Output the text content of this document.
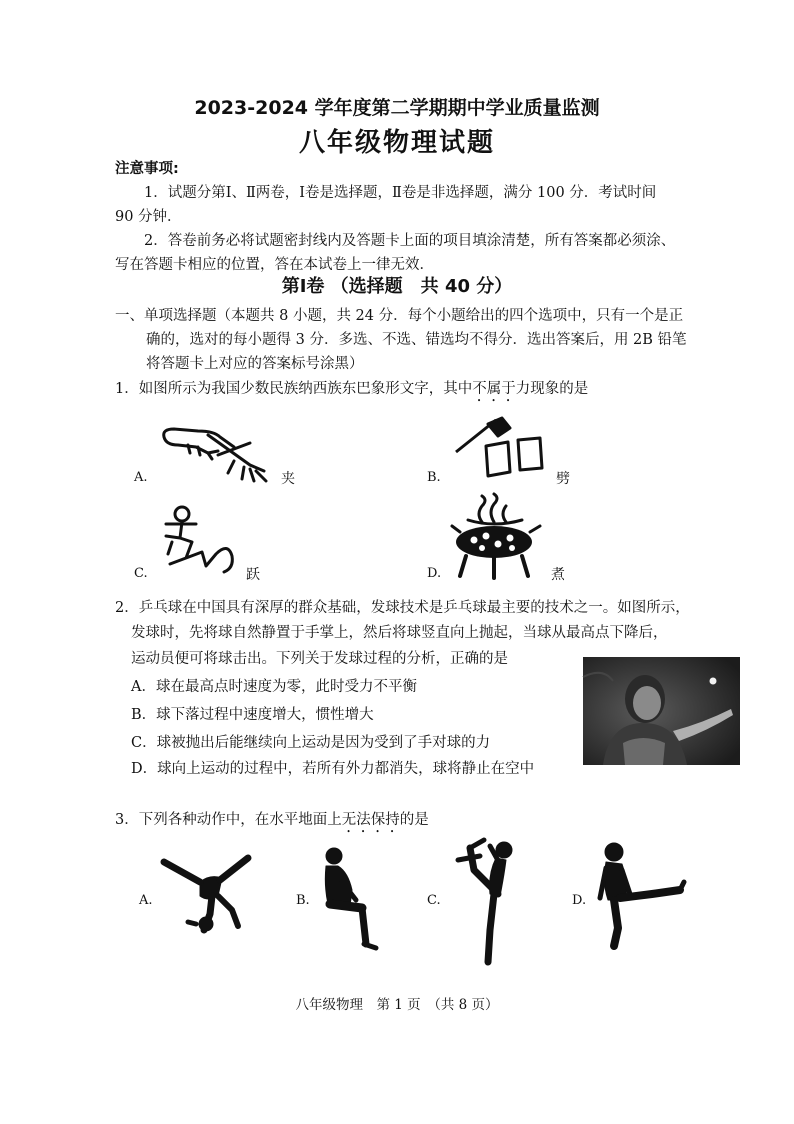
2023-2024 学年度第二学期期中学业质量监测
八年级物理试题
注意事项:
1．试题分第Ⅰ、Ⅱ两卷，Ⅰ卷是选择题，Ⅱ卷是非选择题，满分 100 分．考试时间
90 分钟．
2．答卷前务必将试题密封线内及答题卡上面的项目填涂清楚，所有答案都必须涂、
写在答题卡相应的位置，答在本试卷上一律无效．
第Ⅰ卷 （选择题　共 40 分）
一、单项选择题（本题共 8 小题，共 24 分．每个小题给出的四个选项中，只有一个是正
确的，选对的每小题得 3 分．多选、不选、错选均不得分．选出答案后，用 2B 铅笔
将答题卡上对应的答案标号涂黑）
1．如图所示为我国少数民族纳西族东巴象形文字，其中不属于力现象的是
A.	夹	B.	劈
C.	跃	D.	煮
2．乒乓球在中国具有深厚的群众基础，发球技术是乒乓球最主要的技术之一。如图所示，
发球时，先将球自然静置于手掌上，然后将球竖直向上抛起，当球从最高点下降后，
运动员便可将球击出。下列关于发球过程的分析，正确的是
A．球在最高点时速度为零，此时受力不平衡
B．球下落过程中速度增大，惯性增大
C．球被抛出后能继续向上运动是因为受到了手对球的力
D．球向上运动的过程中，若所有外力都消失，球将静止在空中
3．下列各种动作中，在水平地面上无法保持的是
A.	B.	C.	D.
八年级物理　第 1 页　（共 8 页）
